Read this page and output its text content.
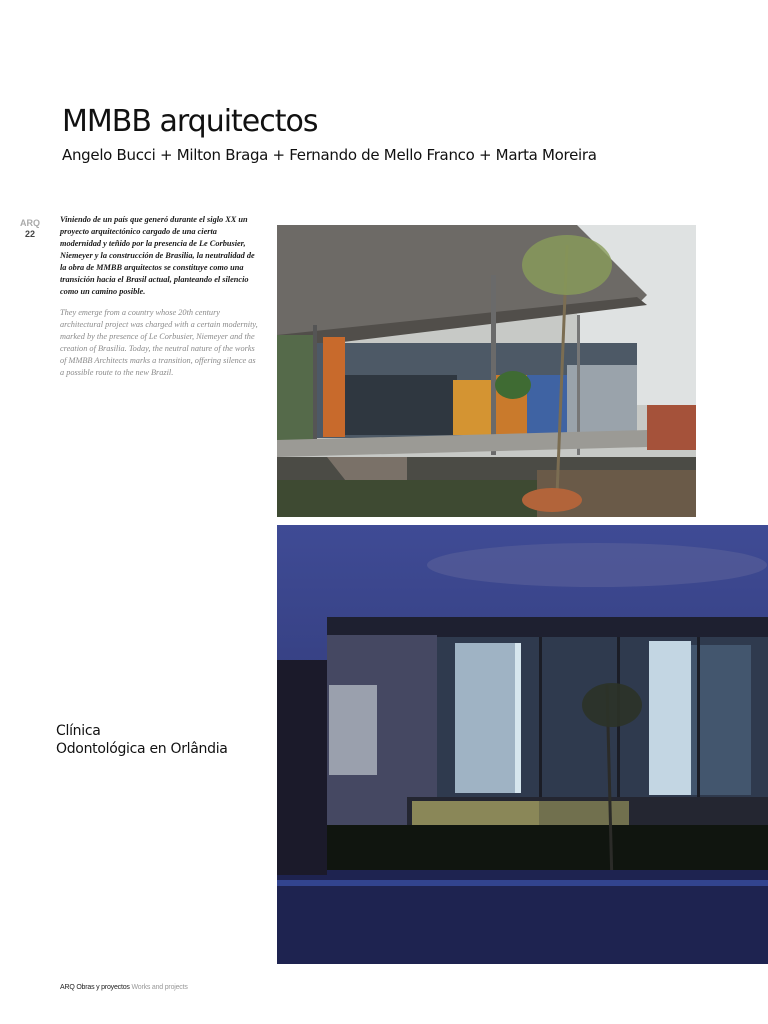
MMBB arquitectos

Angelo Bucci + Milton Braga + Fernando de Mello Franco + Marta Moreira

ARQ
22

Viniendo de un país que generó durante el siglo XX un proyecto arquitectónico cargado de una cierta modernidad y teñido por la presencia de Le Corbusier, Niemeyer y la construcción de Brasilia, la neutralidad de la obra de MMBB arquitectos se constituye como una transición hacia el Brasil actual, planteando el silencio como un camino posible.

They emerge from a country whose 20th century architectural project was charged with a certain modernity, marked by the presence of Le Corbusier, Niemeyer and the creation of Brasilia. Today, the neutral nature of the works of MMBB Architects marks a transition, offering silence as a possible route to the new Brazil.

Clínica
Odontológica en Orlândia

ARQ Obras y proyectos Works and projects
